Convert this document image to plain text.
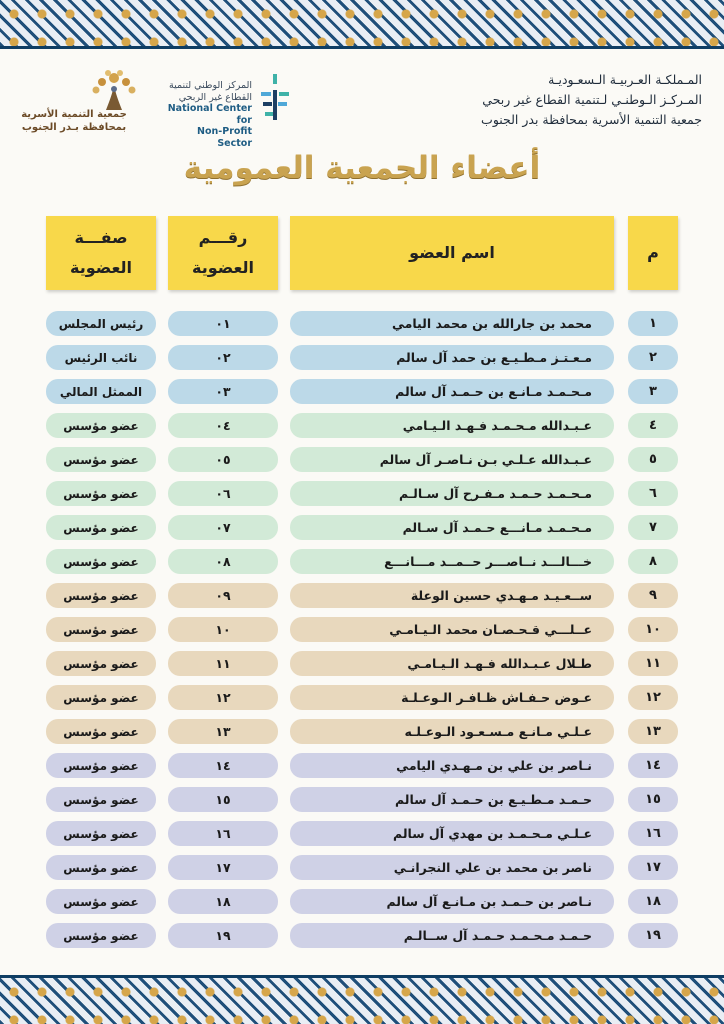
المـملكـة العـربيـة الـسعـوديـة
المـركـز الـوطنـي لـتنمية القطاع غير ربحي
جمعية التنمية الأسرية بمحافظة بدر الجنوب
المركز الوطني لتنمية
القطاع غير الربحي
National Center for
Non-Profit Sector
جمعية التنمية الأسرية
بمحافظة بـدر الجنوب
أعضاء الجمعية العمومية
صفـــة
العضوية
رقـــم
العضوية
اسم العضو	م
١
محمد بن جارالله بن محمد اليامي
٠١
رئيس المجلس
٢
مـعـتـز مـطـيـع بن حمد آل سالم
٠٢
نائب الرئيس
٣
مـحـمـد مـانـع بن حـمـد آل سالم
٠٣
الممثل المالي
٤
عـبـدالله مـحـمـد فـهـد الـيـامي
٠٤
عضو مؤسس
٥
عـبـدالله عـلـي بـن نـاصـر آل سالم
٠٥
عضو مؤسس
٦
مـحـمـد حـمـد مـفـرح آل سـالـم
٠٦
عضو مؤسس
٧
مـحـمـد مـانـــع حـمـد آل سـالم
٠٧
عضو مؤسس
٨
خـــالـــد نــاصـــر حــمــد مـــانـــع
٠٨
عضو مؤسس
٩
ســعـيـد مـهـدي حسين الوعلة
٠٩
عضو مؤسس
١٠
عــلـــي قـحـصـان محمد الـيـامـي
١٠
عضو مؤسس
١١
طـلال عـبـدالله فـهـد الـيـامـي
١١
عضو مؤسس
١٢
عـوض حـفـاش ظـافـر الـوعـلـة
١٢
عضو مؤسس
١٣
عـلـي مـانـع مـسـعـود الـوعـلـه
١٣
عضو مؤسس
١٤
نـاصر بن علي بن مـهـدي اليامي
١٤
عضو مؤسس
١٥
حـمـد مـطـيـع بن حـمـد آل سالم
١٥
عضو مؤسس
١٦
عـلـي مـحـمـد بن مهدي آل سالم
١٦
عضو مؤسس
١٧
ناصر بن محمد بن علي النجرانـي
١٧
عضو مؤسس
١٨
نـاصر بن حـمـد بن مـانـع آل سالم
١٨
عضو مؤسس
١٩
حـمـد مـحـمـد حـمـد آل ســالـم
١٩
عضو مؤسس
